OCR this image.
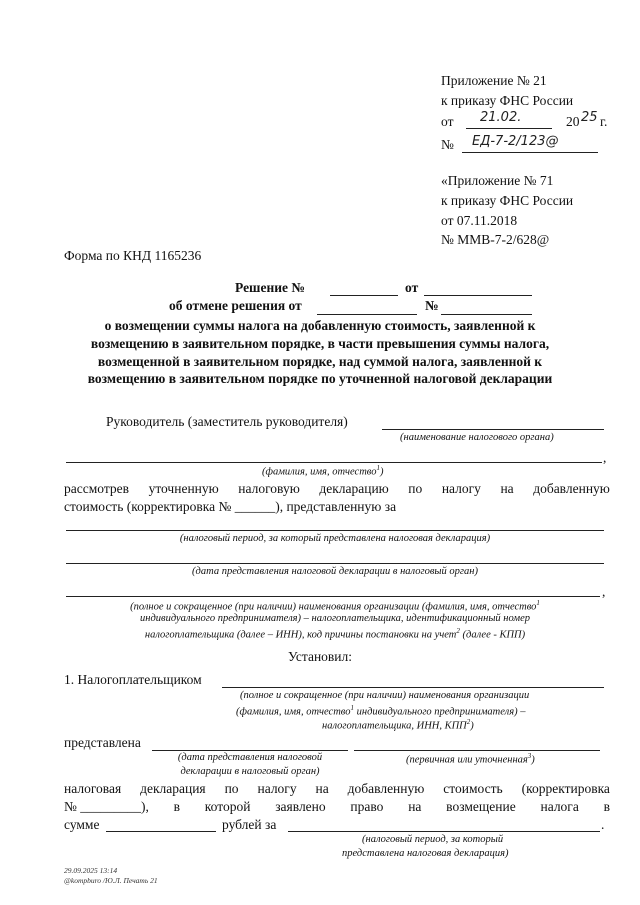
Приложение № 21
к приказу ФНС России
от 21.02.	20 25 г.
№ ЕД-7-2/123@
«Приложение № 71
к приказу ФНС России
от 07.11.2018
№ ММВ-7-2/628@
Форма по КНД 1165236
Решение №	от
об отмене решения от	№
о возмещении суммы налога на добавленную стоимость, заявленной к
возмещению в заявительном порядке, в части превышения суммы налога,
возмещенной в заявительном порядке, над суммой налога, заявленной к
возмещению в заявительном порядке по уточненной налоговой декларации
Руководитель (заместитель руководителя)
(наименование налогового органа)
,
(фамилия, имя, отчество$^1$)
рассмотрев уточненную налоговую декларацию по налогу на добавленную
стоимость (корректировка № ______), представленную за
(налоговый период, за который представлена налоговая декларация)
(дата представления налоговой декларации в налоговый орган)
,
(полное и сокращенное (при наличии) наименования организации (фамилия, имя, отчество$^1$
индивидуального предпринимателя) – налогоплательщика, идентификационный номер
налогоплательщика (далее – ИНН), код причины постановки на учет$^2$ (далее - КПП)
Установил:
1. Налогоплательщиком
(полное и сокращенное (при наличии) наименования организации
(фамилия, имя, отчество$^1$ индивидуального предпринимателя) –
налогоплательщика, ИНН, КПП$^2$)
представлена
(дата представления налоговой
декларации в налоговый орган)
(первичная или уточненная$^3$)
налоговая декларация по налогу на добавленную стоимость (корректировка
№ _________), в которой заявлено право на возмещение налога в
сумме	рублей за	.
(налоговый период, за который
представлена налоговая декларация)
29.09.2025 13:14
@kompburo /Ю.Л. Печать 21
